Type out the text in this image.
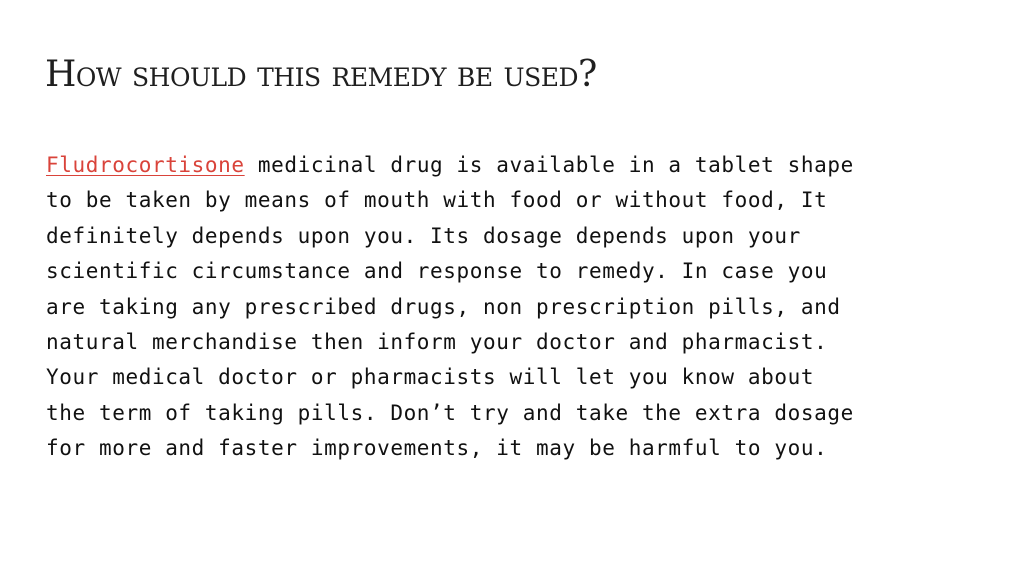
How should this remedy be used?

Fludrocortisone medicinal drug is available in a tablet shape
to be taken by means of mouth with food or without food, It
definitely depends upon you. Its dosage depends upon your
scientific circumstance and response to remedy. In case you
are taking any prescribed drugs, non prescription pills, and
natural merchandise then inform your doctor and pharmacist.
Your medical doctor or pharmacists will let you know about
the term of taking pills. Don’t try and take the extra dosage
for more and faster improvements, it may be harmful to you.
